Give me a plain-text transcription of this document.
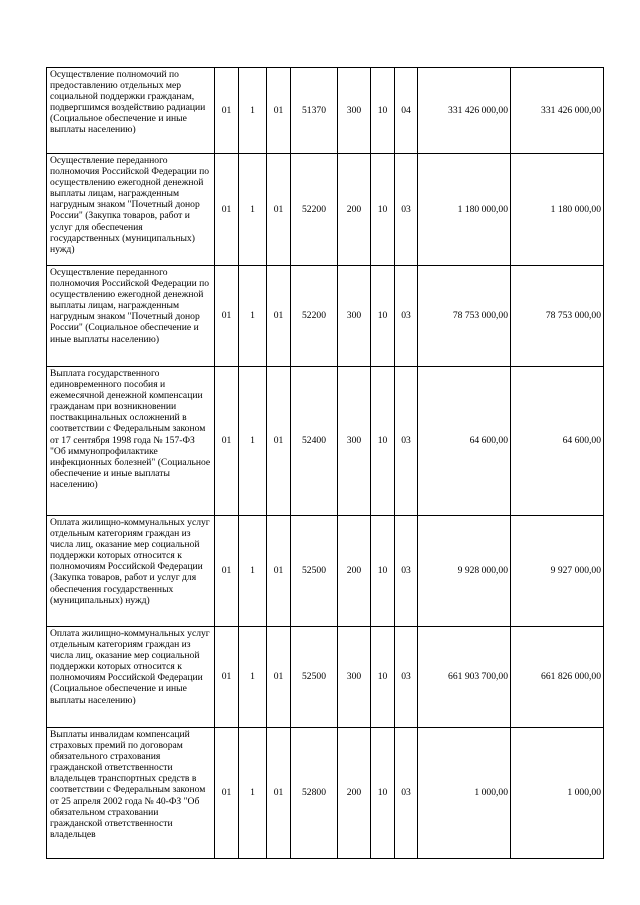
Осуществление полномочий по предоставлению отдельных мер социальной поддержки гражданам, подвергшимся воздействию радиации (Социальное обеспечение и иные выплаты населению)	01	1	01	51370	300	10	04	331 426 000,00	331 426 000,00
Осуществление переданного полномочия Российской Федерации по осуществлению ежегодной денежной выплаты лицам, награжденным нагрудным знаком "Почетный донор России" (Закупка товаров, работ и услуг для обеспечения государственных (муниципальных) нужд)	01	1	01	52200	200	10	03	1 180 000,00	1 180 000,00
Осуществление переданного полномочия Российской Федерации по осуществлению ежегодной денежной выплаты лицам, награжденным нагрудным знаком "Почетный донор России" (Социальное обеспечение и иные выплаты населению)	01	1	01	52200	300	10	03	78 753 000,00	78 753 000,00
Выплата государственного единовременного пособия и ежемесячной денежной компенсации гражданам при возникновении поствакцинальных осложнений в соответствии с Федеральным законом от 17 сентября 1998 года № 157-ФЗ "Об иммунопрофилактике инфекционных болезней" (Социальное обеспечение и иные выплаты населению)	01	1	01	52400	300	10	03	64 600,00	64 600,00
Оплата жилищно-коммунальных услуг отдельным категориям граждан из числа лиц, оказание мер социальной поддержки которых относится к полномочиям Российской Федерации (Закупка товаров, работ и услуг для обеспечения государственных (муниципальных) нужд)	01	1	01	52500	200	10	03	9 928 000,00	9 927 000,00
Оплата жилищно-коммунальных услуг отдельным категориям граждан из числа лиц, оказание мер социальной поддержки которых относится к полномочиям Российской Федерации (Социальное обеспечение и иные выплаты населению)	01	1	01	52500	300	10	03	661 903 700,00	661 826 000,00
Выплаты инвалидам компенсаций страховых премий по договорам обязательного страхования гражданской ответственности владельцев транспортных средств в соответствии с Федеральным законом от 25 апреля 2002 года № 40-ФЗ "Об обязательном страховании гражданской ответственности владельцев	01	1	01	52800	200	10	03	1 000,00	1 000,00
